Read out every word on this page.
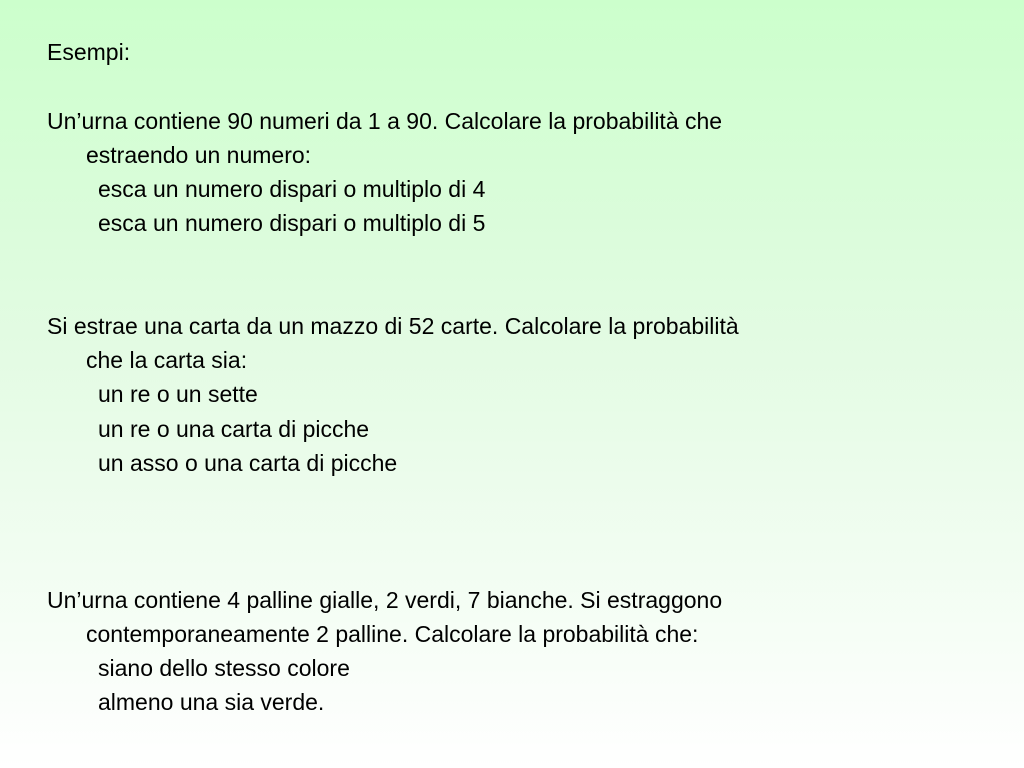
Esempi:
Un’urna contiene 90 numeri da 1 a 90. Calcolare la probabilità che
estraendo un numero:
esca un numero dispari o multiplo di 4
esca un numero dispari o multiplo di 5
Si estrae una carta da un mazzo di 52 carte. Calcolare la probabilità
che la carta sia:
un re o un sette
un re o una carta di picche
un asso o una carta di picche
Un’urna contiene 4 palline gialle, 2 verdi, 7 bianche. Si estraggono
contemporaneamente 2 palline. Calcolare la probabilità che:
siano dello stesso colore
almeno una sia verde.
